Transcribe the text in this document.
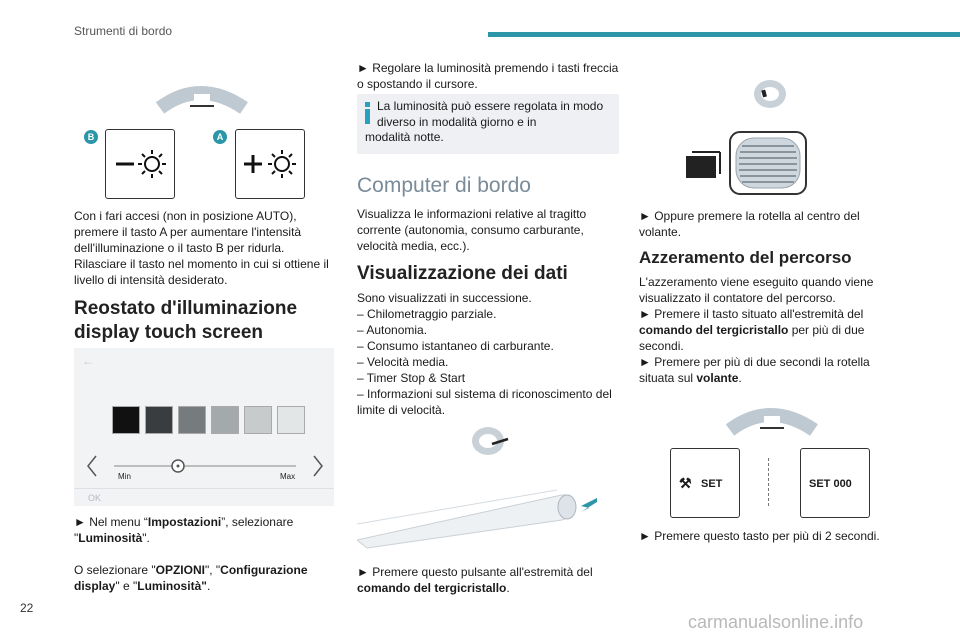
Strumenti di bordo
B	A
Con i fari accesi (non in posizione AUTO), premere il tasto A per aumentare l'intensità dell'illuminazione o il tasto B per ridurla. Rilasciare il tasto nel momento in cui si ottiene il livello di intensità desiderato.
Reostato d'illuminazione display touch screen
←
Min	Max
OK
► Nel menu “Impostazioni”, selezionare "Luminosità".
O selezionare "OPZIONI", "Configurazione display" e "Luminosità".
► Regolare la luminosità premendo i tasti freccia o spostando il cursore.
La luminosità può essere regolata in modo diverso in modalità giorno e in
modalità notte.
Computer di bordo
Visualizza le informazioni relative al tragitto corrente (autonomia, consumo carburante, velocità media, ecc.).
Visualizzazione dei dati

Sono visualizzati in successione.

– Chilometraggio parziale.

– Autonomia.

– Consumo istantaneo di carburante.

– Velocità media.

– Timer Stop & Start

– Informazioni sul sistema di riconoscimento del limite di velocità.

► Premere questo pulsante all'estremità del comando del tergicristallo.
► Oppure premere la rotella al centro del volante.
Azzeramento del percorso
L'azzeramento viene eseguito quando viene visualizzato il contatore del percorso.
► Premere il tasto situato all'estremità del comando del tergicristallo per più di due secondi.
► Premere per più di due secondi la rotella situata sul volante.
⚒ SET	SET 000
► Premere questo tasto per più di 2 secondi.
22
carmanualsonline.info
